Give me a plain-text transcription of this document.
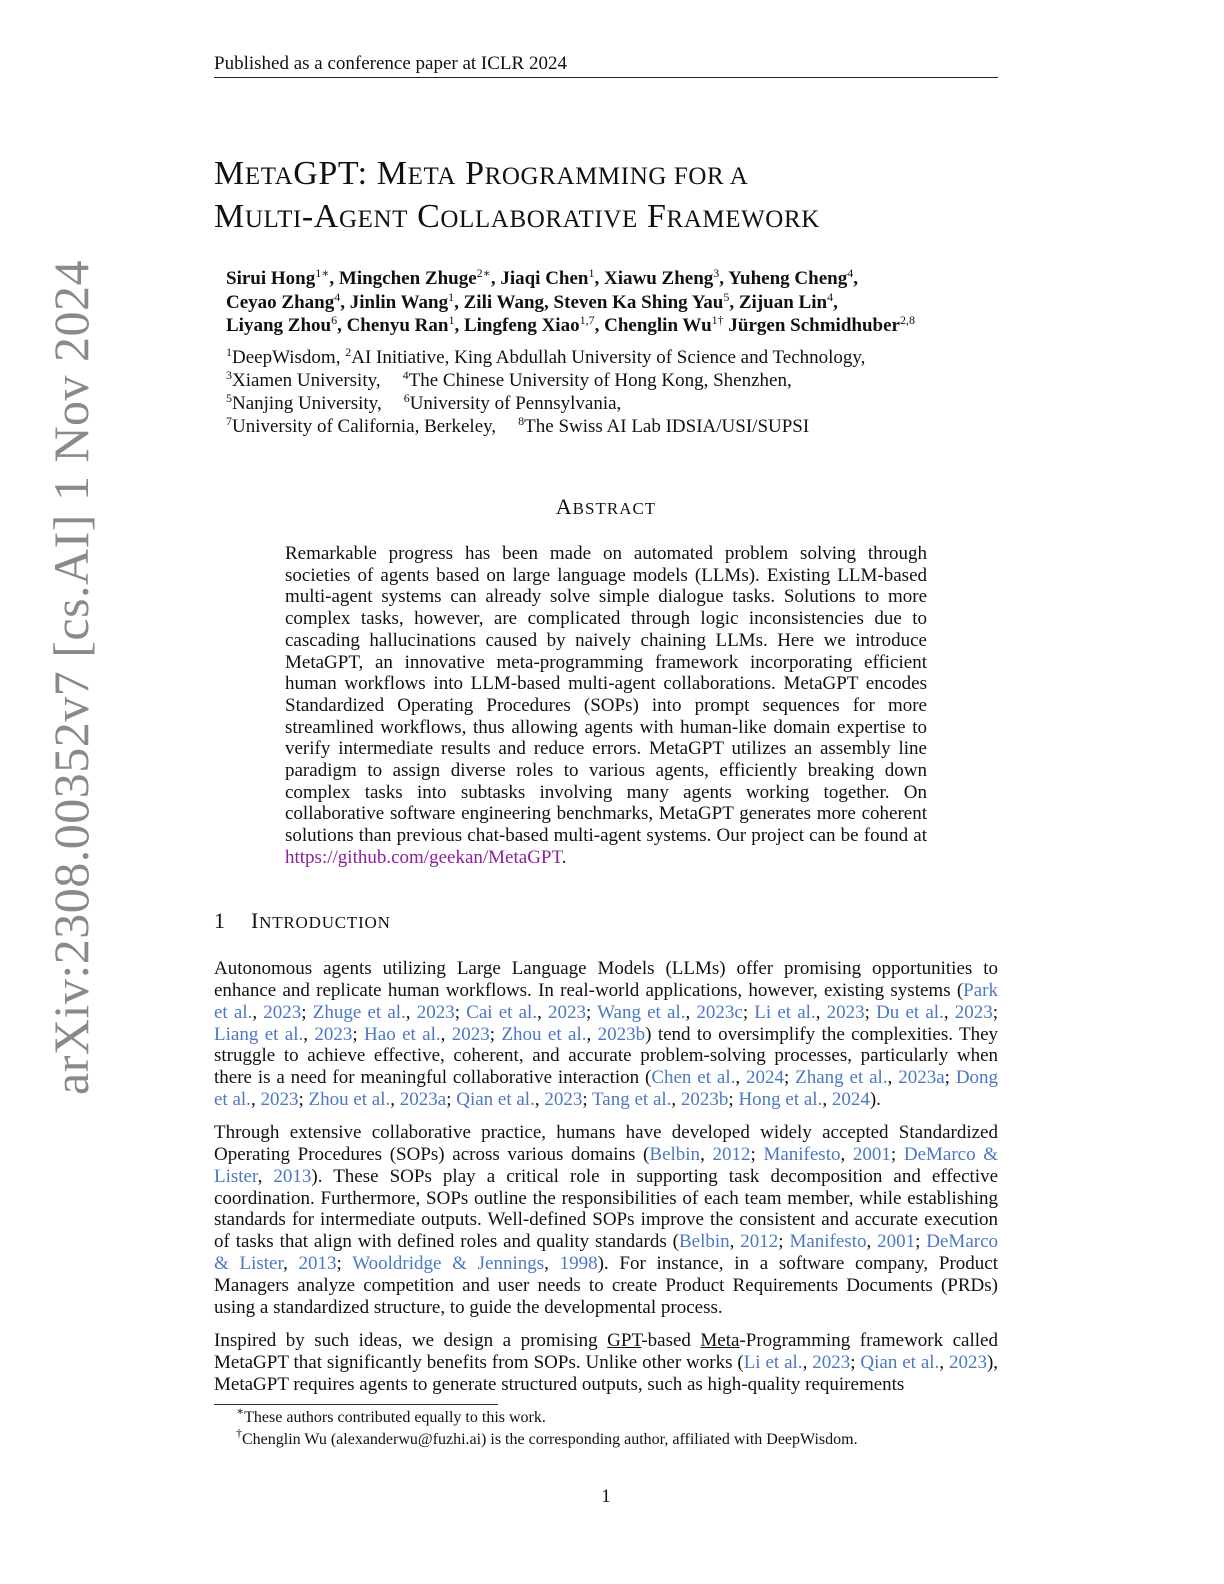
Published as a conference paper at ICLR 2024
arXiv:2308.00352v7 [cs.AI] 1 Nov 2024
METAGPT: META PROGRAMMING FOR A
MULTI-AGENT COLLABORATIVE FRAMEWORK
Sirui Hong$^{1∗}$, Mingchen Zhuge$^{2∗}$, Jiaqi Chen$^1$, Xiawu Zheng$^3$, Yuheng Cheng$^4$,
Ceyao Zhang$^4$, Jinlin Wang$^1$, Zili Wang, Steven Ka Shing Yau$^5$, Zijuan Lin$^4$,
Liyang Zhou$^6$, Chenyu Ran$^1$, Lingfeng Xiao$^{1,7}$, Chenglin $Wu^{1\dagger}$ Jürgen Schmidhuber$^{2,8}$
$^1$DeepWisdom, $^2$AI Initiative, King Abdullah University of Science and Technology,
$^3$Xiamen University, $^4$The Chinese University of Hong Kong, Shenzhen,
$^5$Nanjing University, $^6$University of Pennsylvania,
$^7$University of California, Berkeley, $^8$The Swiss AI Lab IDSIA/USI/SUPSI
ABSTRACT
Remarkable progress has been made on automated problem solving through societies of agents based on large language models (LLMs). Existing LLM-based multi-agent systems can already solve simple dialogue tasks. Solutions to more complex tasks, however, are complicated through logic inconsistencies due to cascading hallucinations caused by naively chaining LLMs. Here we introduce MetaGPT, an innovative meta-programming framework incorporating efficient human workflows into LLM-based multi-agent collaborations. MetaGPT encodes Standardized Operating Procedures (SOPs) into prompt sequences for more streamlined workflows, thus allowing agents with human-like domain expertise to verify intermediate results and reduce errors. MetaGPT utilizes an assembly line paradigm to assign diverse roles to various agents, efficiently breaking down complex tasks into subtasks involving many agents working together. On collaborative software engineering benchmarks, MetaGPT generates more coherent solutions than previous chat-based multi-agent systems. Our project can be found at https://github.com/geekan/MetaGPT.
1 INTRODUCTION

Autonomous agents utilizing Large Language Models (LLMs) offer promising opportunities to enhance and replicate human workflows. In real-world applications, however, existing systems (Park et al., 2023; Zhuge et al., 2023; Cai et al., 2023; Wang et al., 2023c; Li et al., 2023; Du et al., 2023; Liang et al., 2023; Hao et al., 2023; Zhou et al., 2023b) tend to oversimplify the complexities. They struggle to achieve effective, coherent, and accurate problem-solving processes, particularly when there is a need for meaningful collaborative interaction (Chen et al., 2024; Zhang et al., 2023a; Dong et al., 2023; Zhou et al., 2023a; Qian et al., 2023; Tang et al., 2023b; Hong et al., 2024).

Through extensive collaborative practice, humans have developed widely accepted Standardized Operating Procedures (SOPs) across various domains (Belbin, 2012; Manifesto, 2001; DeMarco & Lister, 2013). These SOPs play a critical role in supporting task decomposition and effective coordination. Furthermore, SOPs outline the responsibilities of each team member, while establishing standards for intermediate outputs. Well-defined SOPs improve the consistent and accurate execution of tasks that align with defined roles and quality standards (Belbin, 2012; Manifesto, 2001; DeMarco & Lister, 2013; Wooldridge & Jennings, 1998). For instance, in a software company, Product Managers analyze competition and user needs to create Product Requirements Documents (PRDs) using a standardized structure, to guide the developmental process.

Inspired by such ideas, we design a promising GPT-based Meta-Programming framework called MetaGPT that significantly benefits from SOPs. Unlike other works (Li et al., 2023; Qian et al., 2023), MetaGPT requires agents to generate structured outputs, such as high-quality requirements

∗These authors contributed equally to this work.
†Chenglin Wu (alexanderwu@fuzhi.ai) is the corresponding author, affiliated with DeepWisdom.
1
